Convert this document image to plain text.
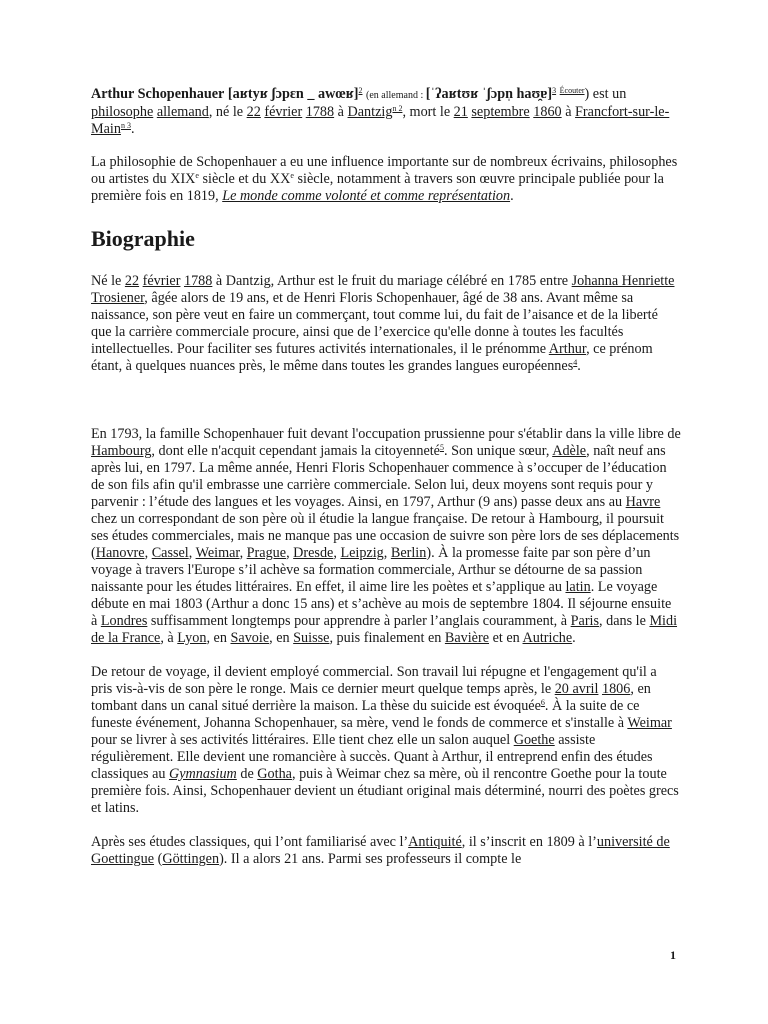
Arthur Schopenhauer [aʁtyʁ ʃɔpɛn _ awœʁ]$^2$ (en allemand : [ˈʔaʁtʊʁ ˈʃɔpn̩ haʊ̯ɐ]$^3$ $^{Écouter}$) est un philosophe allemand, né le 22 février 1788 à Dantzig$^{n 2}$, mort le 21 septembre 1860 à Francfort-sur-le-Main$^{n 3}$.

La philosophie de Schopenhauer a eu une influence importante sur de nombreux écrivains, philosophes ou artistes du XIXe siècle et du XXe siècle, notamment à travers son œuvre principale publiée pour la première fois en 1819, Le monde comme volonté et comme représentation.

Biographie

Né le 22 février 1788 à Dantzig, Arthur est le fruit du mariage célébré en 1785 entre Johanna Henriette Trosiener, âgée alors de 19 ans, et de Henri Floris Schopenhauer, âgé de 38 ans. Avant même sa naissance, son père veut en faire un commerçant, tout comme lui, du fait de l’aisance et de la liberté que la carrière commerciale procure, ainsi que de l’exercice qu'elle donne à toutes les facultés intellectuelles. Pour faciliter ses futures activités internationales, il le prénomme Arthur, ce prénom étant, à quelques nuances près, le même dans toutes les grandes langues européennes$^4$.

En 1793, la famille Schopenhauer fuit devant l'occupation prussienne pour s'établir dans la ville libre de Hambourg, dont elle n'acquit cependant jamais la citoyenneté$^5$. Son unique sœur, Adèle, naît neuf ans après lui, en 1797. La même année, Henri Floris Schopenhauer commence à s’occuper de l’éducation de son fils afin qu'il embrasse une carrière commerciale. Selon lui, deux moyens sont requis pour y parvenir : l’étude des langues et les voyages. Ainsi, en 1797, Arthur (9 ans) passe deux ans au Havre chez un correspondant de son père où il étudie la langue française. De retour à Hambourg, il poursuit ses études commerciales, mais ne manque pas une occasion de suivre son père lors de ses déplacements (Hanovre, Cassel, Weimar, Prague, Dresde, Leipzig, Berlin). À la promesse faite par son père d’un voyage à travers l'Europe s’il achève sa formation commerciale, Arthur se détourne de sa passion naissante pour les études littéraires. En effet, il aime lire les poètes et s’applique au latin. Le voyage débute en mai 1803 (Arthur a donc 15 ans) et s’achève au mois de septembre 1804. Il séjourne ensuite à Londres suffisamment longtemps pour apprendre à parler l’anglais couramment, à Paris, dans le Midi de la France, à Lyon, en Savoie, en Suisse, puis finalement en Bavière et en Autriche.

De retour de voyage, il devient employé commercial. Son travail lui répugne et l'engagement qu'il a pris vis-à-vis de son père le ronge. Mais ce dernier meurt quelque temps après, le 20 avril 1806, en tombant dans un canal situé derrière la maison. La thèse du suicide est évoquée$^6$. À la suite de ce funeste événement, Johanna Schopenhauer, sa mère, vend le fonds de commerce et s'installe à Weimar pour se livrer à ses activités littéraires. Elle tient chez elle un salon auquel Goethe assiste régulièrement. Elle devient une romancière à succès. Quant à Arthur, il entreprend enfin des études classiques au Gymnasium de Gotha, puis à Weimar chez sa mère, où il rencontre Goethe pour la toute première fois. Ainsi, Schopenhauer devient un étudiant original mais déterminé, nourri des poètes grecs et latins.

Après ses études classiques, qui l’ont familiarisé avec l’Antiquité, il s’inscrit en 1809 à l’université de Goettingue (Göttingen). Il a alors 21 ans. Parmi ses professeurs il compte le

1
